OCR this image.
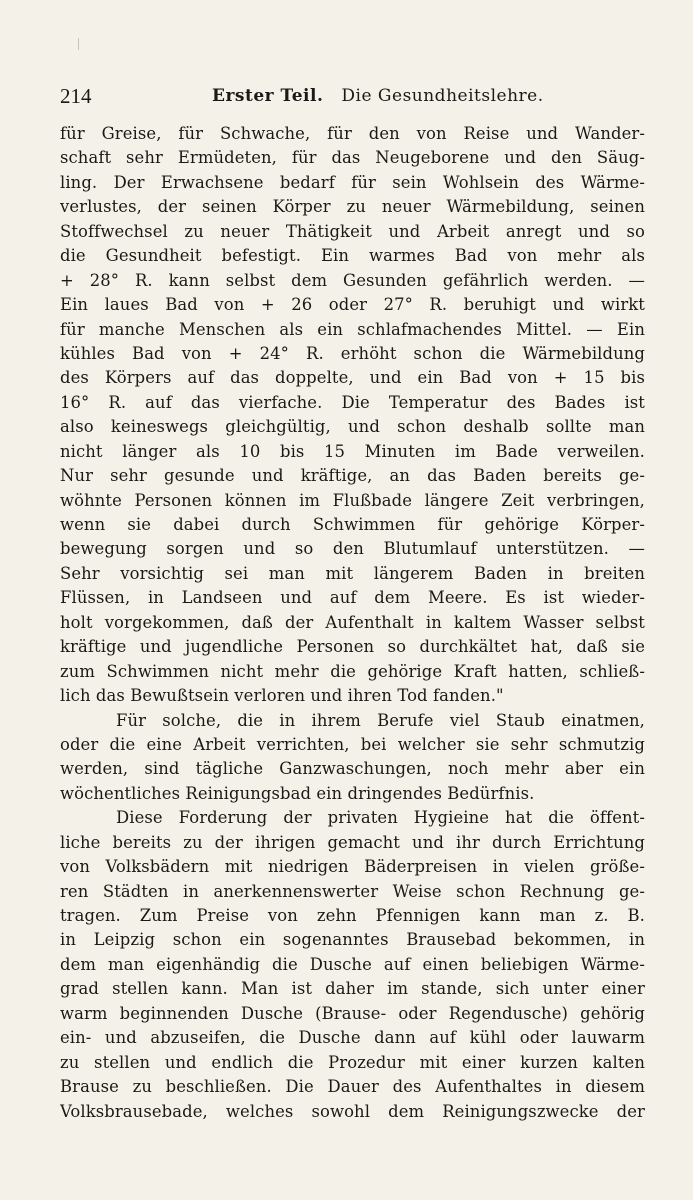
214	Erster Teil. Die Gesundheitslehre.
für Greise, für Schwache, für den von Reise und Wander-
schaft sehr Ermüdeten, für das Neugeborene und den Säug-
ling. Der Erwachsene bedarf für sein Wohlsein des Wärme-
verlustes, der seinen Körper zu neuer Wärmebildung, seinen
Stoffwechsel zu neuer Thätigkeit und Arbeit anregt und so
die Gesundheit befestigt. Ein warmes Bad von mehr als
+ 28° R. kann selbst dem Gesunden gefährlich werden. —
Ein laues Bad von + 26 oder 27° R. beruhigt und wirkt
für manche Menschen als ein schlafmachendes Mittel. — Ein
kühles Bad von + 24° R. erhöht schon die Wärmebildung
des Körpers auf das doppelte, und ein Bad von + 15 bis
16° R. auf das vierfache. Die Temperatur des Bades ist
also keineswegs gleichgültig, und schon deshalb sollte man
nicht länger als 10 bis 15 Minuten im Bade verweilen.
Nur sehr gesunde und kräftige, an das Baden bereits ge-
wöhnte Personen können im Flußbade längere Zeit verbringen,
wenn sie dabei durch Schwimmen für gehörige Körper-
bewegung sorgen und so den Blutumlauf unterstützen. —
Sehr vorsichtig sei man mit längerem Baden in breiten
Flüssen, in Landseen und auf dem Meere. Es ist wieder-
holt vorgekommen, daß der Aufenthalt in kaltem Wasser selbst
kräftige und jugendliche Personen so durchkältet hat, daß sie
zum Schwimmen nicht mehr die gehörige Kraft hatten, schließ-
lich das Bewußtsein verloren und ihren Tod fanden."
Für solche, die in ihrem Berufe viel Staub einatmen,
oder die eine Arbeit verrichten, bei welcher sie sehr schmutzig
werden, sind tägliche Ganzwaschungen, noch mehr aber ein
wöchentliches Reinigungsbad ein dringendes Bedürfnis.
Diese Forderung der privaten Hygieine hat die öffent-
liche bereits zu der ihrigen gemacht und ihr durch Errichtung
von Volksbädern mit niedrigen Bäderpreisen in vielen größe-
ren Städten in anerkennenswerter Weise schon Rechnung ge-
tragen. Zum Preise von zehn Pfennigen kann man z. B.
in Leipzig schon ein sogenanntes Brausebad bekommen, in
dem man eigenhändig die Dusche auf einen beliebigen Wärme-
grad stellen kann. Man ist daher im stande, sich unter einer
warm beginnenden Dusche (Brause- oder Regendusche) gehörig
ein- und abzuseifen, die Dusche dann auf kühl oder lauwarm
zu stellen und endlich die Prozedur mit einer kurzen kalten
Brause zu beschließen. Die Dauer des Aufenthaltes in diesem
Volksbrausebade, welches sowohl dem Reinigungszwecke der
